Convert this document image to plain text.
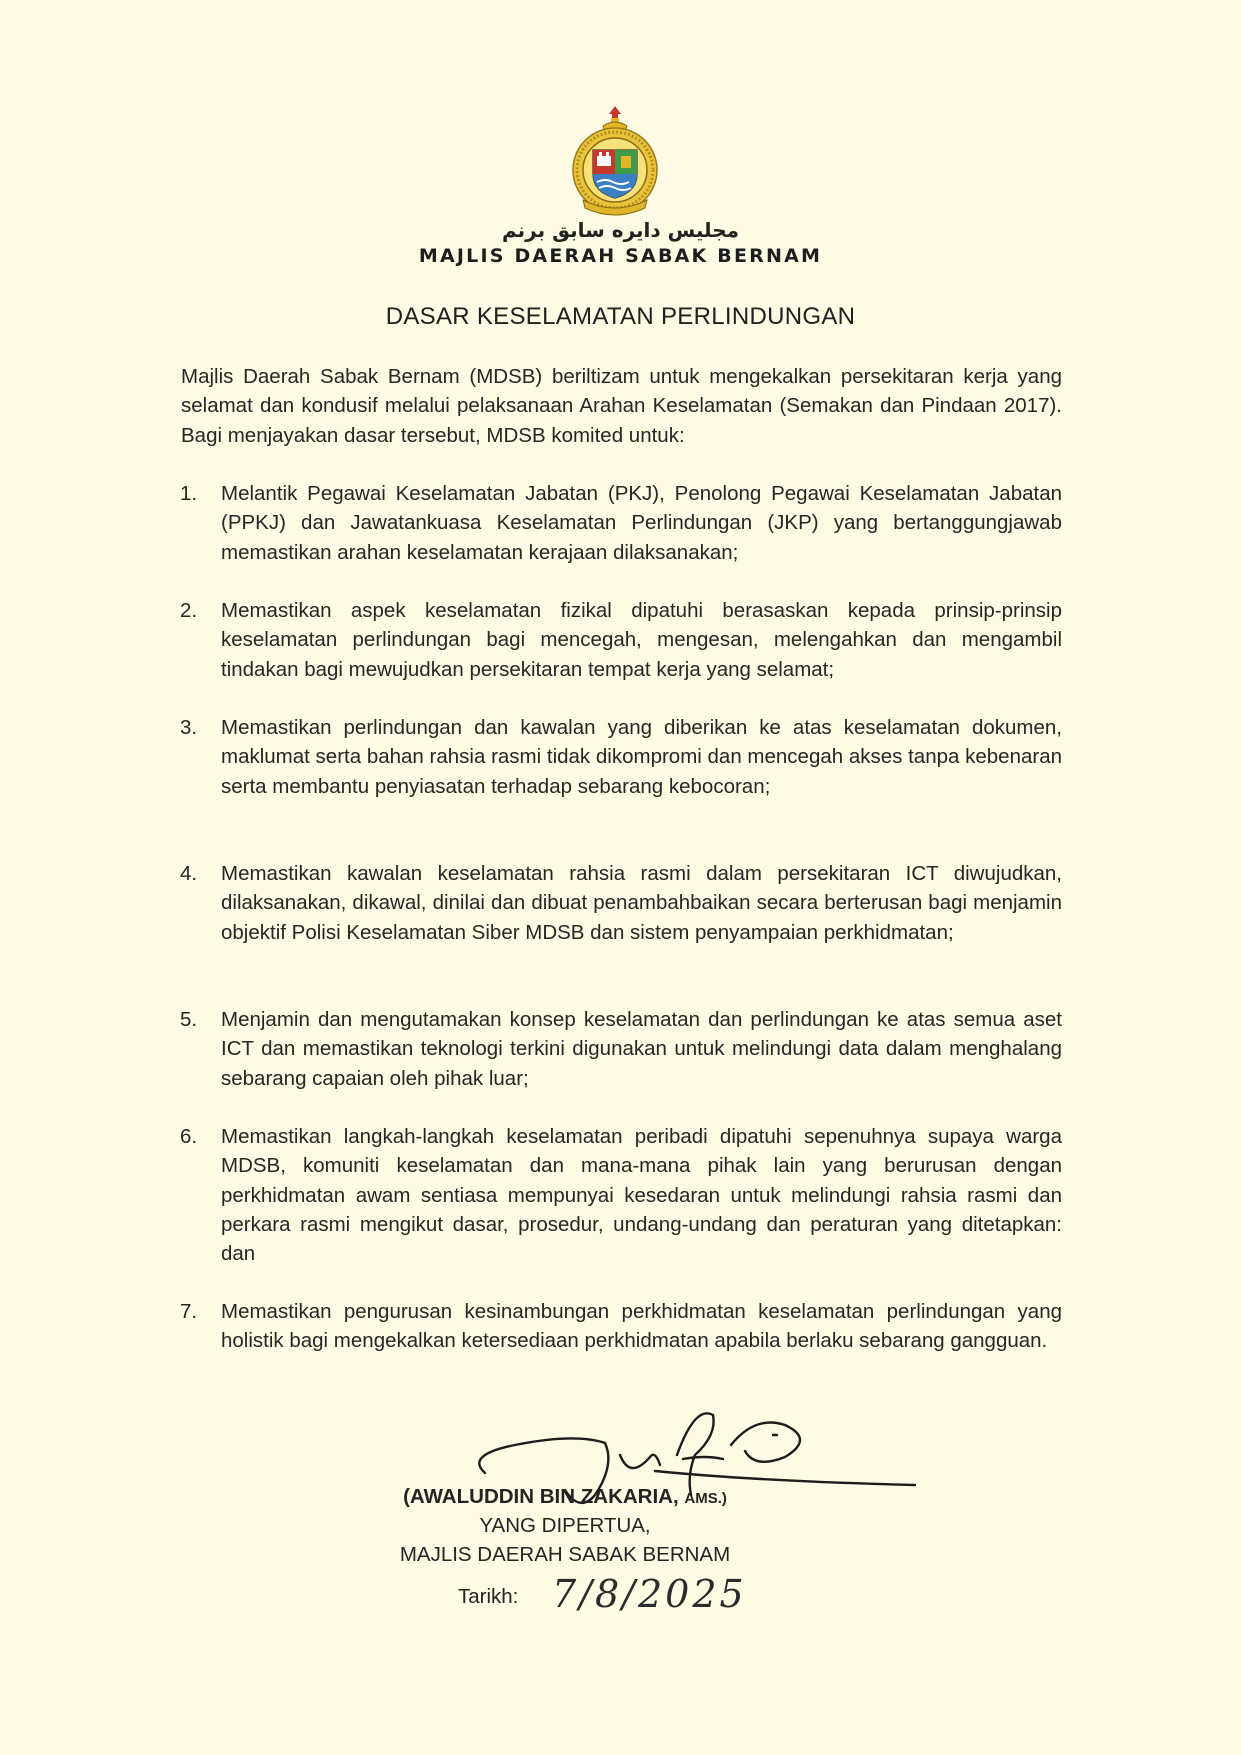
مجليس دايره سابق برنم
MAJLIS DAERAH SABAK BERNAM
DASAR KESELAMATAN PERLINDUNGAN
Majlis Daerah Sabak Bernam (MDSB) beriltizam untuk mengekalkan persekitaran kerja yang selamat dan kondusif melalui pelaksanaan Arahan Keselamatan (Semakan dan Pindaan 2017). Bagi menjayakan dasar tersebut, MDSB komited untuk:
1.	Melantik Pegawai Keselamatan Jabatan (PKJ), Penolong Pegawai Keselamatan Jabatan (PPKJ) dan Jawatankuasa Keselamatan Perlindungan (JKP) yang bertanggungjawab memastikan arahan keselamatan kerajaan dilaksanakan;
2.	Memastikan aspek keselamatan fizikal dipatuhi berasaskan kepada prinsip-prinsip keselamatan perlindungan bagi mencegah, mengesan, melengahkan dan mengambil tindakan bagi mewujudkan persekitaran tempat kerja yang selamat;
3.	Memastikan perlindungan dan kawalan yang diberikan ke atas keselamatan dokumen, maklumat serta bahan rahsia rasmi tidak dikompromi dan mencegah akses tanpa kebenaran serta membantu penyiasatan terhadap sebarang kebocoran;
4.	Memastikan kawalan keselamatan rahsia rasmi dalam persekitaran ICT diwujudkan, dilaksanakan, dikawal, dinilai dan dibuat penambahbaikan secara berterusan bagi menjamin objektif Polisi Keselamatan Siber MDSB dan sistem penyampaian perkhidmatan;
5.	Menjamin dan mengutamakan konsep keselamatan dan perlindungan ke atas semua aset ICT dan memastikan teknologi terkini digunakan untuk melindungi data dalam menghalang sebarang capaian oleh pihak luar;
6.	Memastikan langkah-langkah keselamatan peribadi dipatuhi sepenuhnya supaya warga MDSB, komuniti keselamatan dan mana-mana pihak lain yang berurusan dengan perkhidmatan awam sentiasa mempunyai kesedaran untuk melindungi rahsia rasmi dan perkara rasmi mengikut dasar, prosedur, undang-undang dan peraturan yang ditetapkan: dan
7.	Memastikan pengurusan kesinambungan perkhidmatan keselamatan perlindungan yang holistik bagi mengekalkan ketersediaan perkhidmatan apabila berlaku sebarang gangguan.
(AWALUDDIN BIN ZAKARIA, AMS.)
YANG DIPERTUA,
MAJLIS DAERAH SABAK BERNAM
Tarikh: 7/8/2025
